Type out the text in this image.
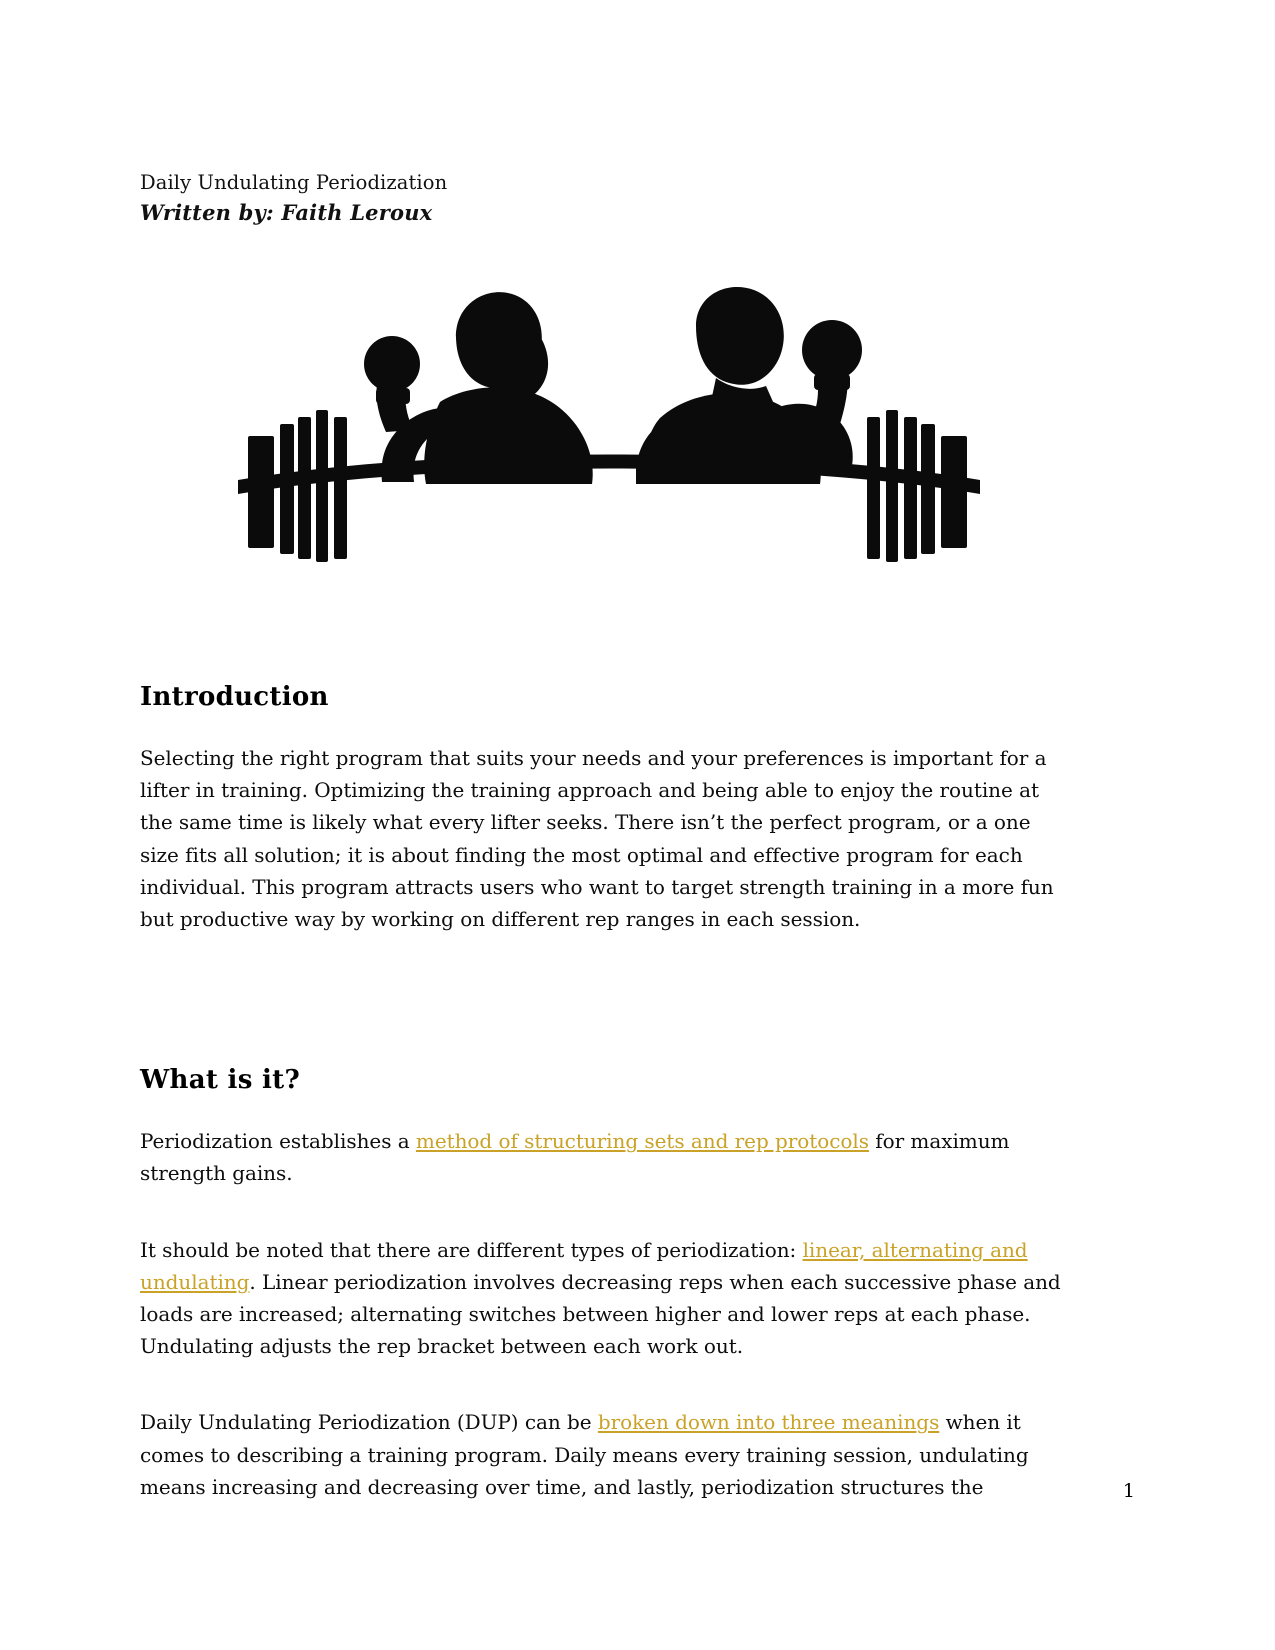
Daily Undulating Periodization
Written by: Faith Leroux
Introduction

Selecting the right program that suits your needs and your preferences is important for a lifter in training. Optimizing the training approach and being able to enjoy the routine at the same time is likely what every lifter seeks. There isn’t the perfect program, or a one size fits all solution; it is about finding the most optimal and effective program for each individual. This program attracts users who want to target strength training in a more fun but productive way by working on different rep ranges in each session.

What is it?

Periodization establishes a method of structuring sets and rep protocols for maximum strength gains.

It should be noted that there are different types of periodization: linear, alternating and undulating. Linear periodization involves decreasing reps when each successive phase and loads are increased; alternating switches between higher and lower reps at each phase. Undulating adjusts the rep bracket between each work out.

Daily Undulating Periodization (DUP) can be broken down into three meanings when it comes to describing a training program. Daily means every training session, undulating means increasing and decreasing over time, and lastly, periodization structures the	1
